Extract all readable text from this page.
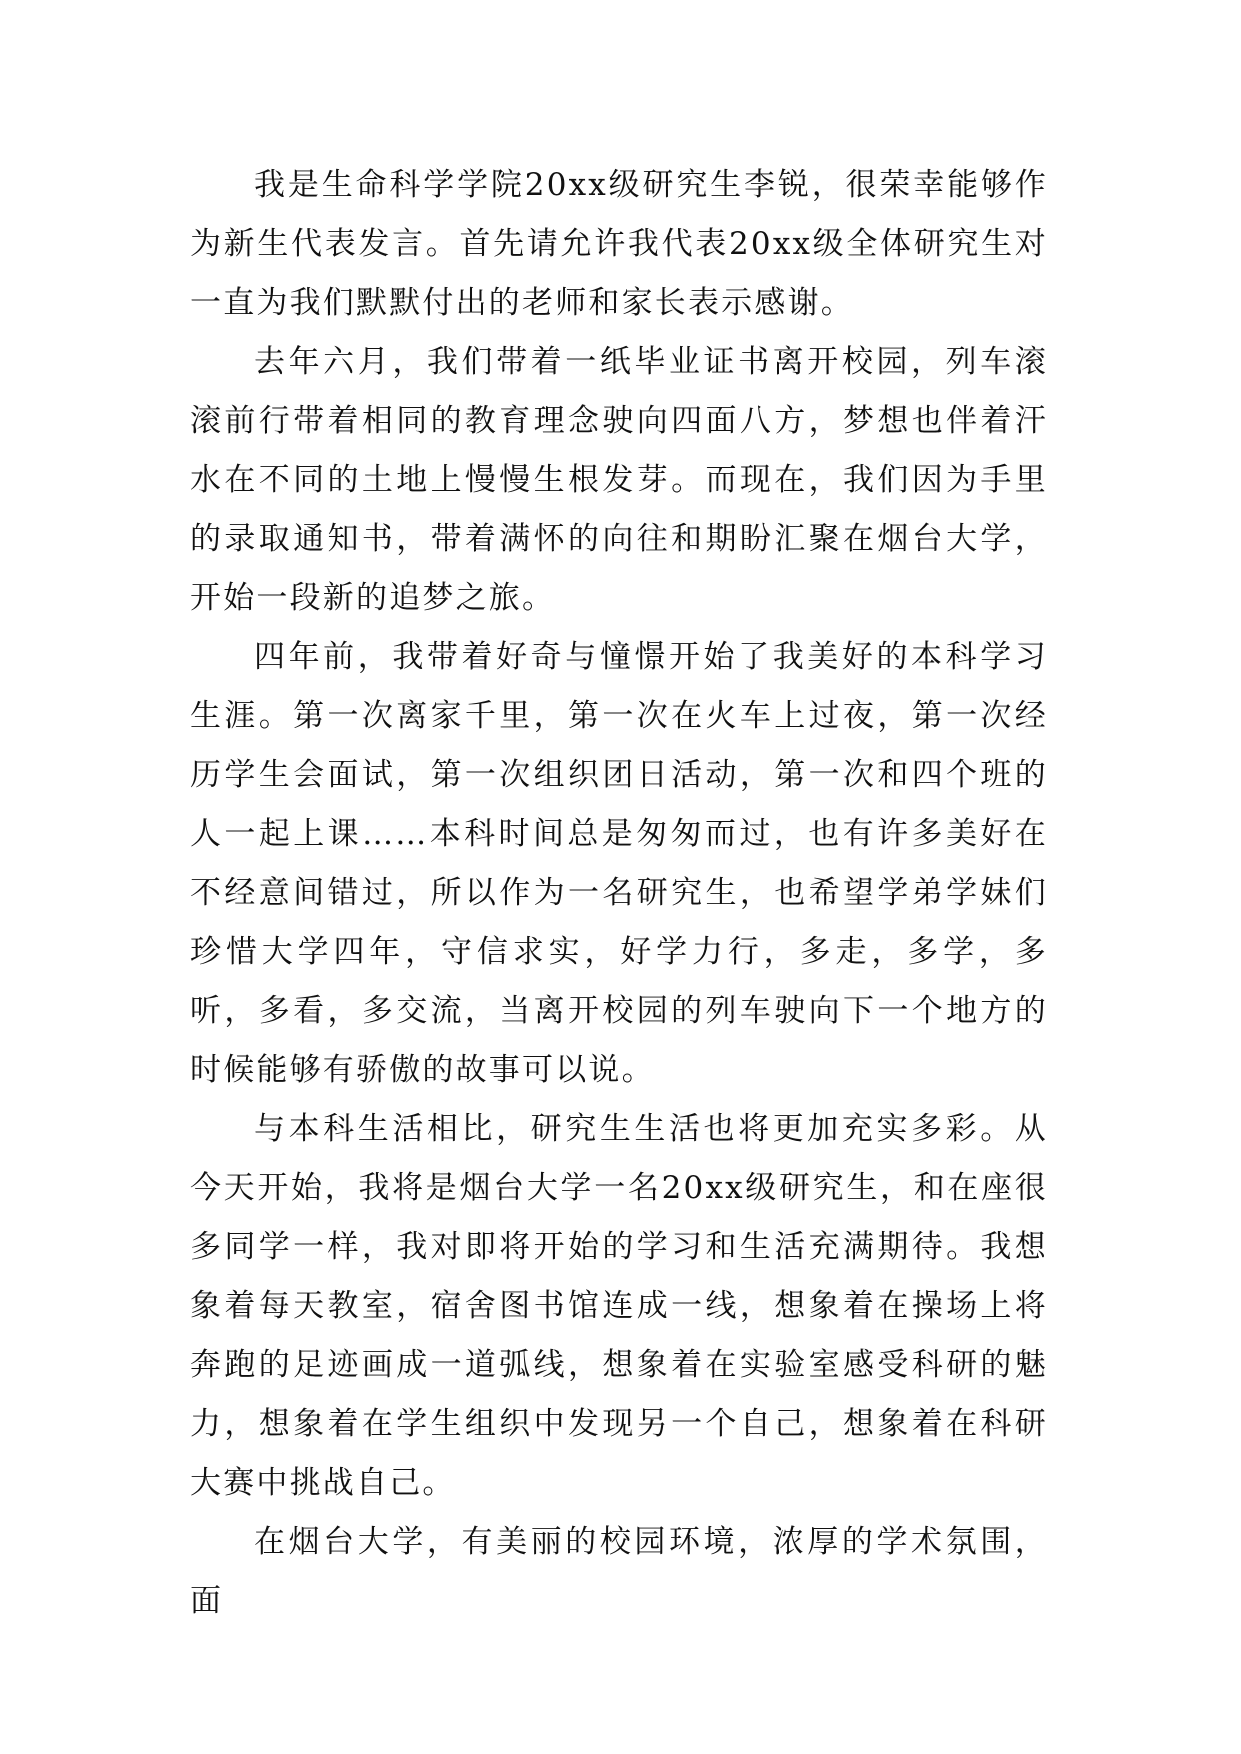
我是生命科学学院20xx级研究生李锐，很荣幸能够作为新生代表发言。首先请允许我代表20xx级全体研究生对一直为我们默默付出的老师和家长表示感谢。

去年六月，我们带着一纸毕业证书离开校园，列车滚滚前行带着相同的教育理念驶向四面八方，梦想也伴着汗水在不同的土地上慢慢生根发芽。而现在，我们因为手里的录取通知书，带着满怀的向往和期盼汇聚在烟台大学，开始一段新的追梦之旅。

四年前，我带着好奇与憧憬开始了我美好的本科学习生涯。第一次离家千里，第一次在火车上过夜，第一次经历学生会面试，第一次组织团日活动，第一次和四个班的人一起上课……本科时间总是匆匆而过，也有许多美好在不经意间错过，所以作为一名研究生，也希望学弟学妹们珍惜大学四年，守信求实，好学力行，多走，多学，多听，多看，多交流，当离开校园的列车驶向下一个地方的时候能够有骄傲的故事可以说。

与本科生活相比，研究生生活也将更加充实多彩。从今天开始，我将是烟台大学一名20xx级研究生，和在座很多同学一样，我对即将开始的学习和生活充满期待。我想象着每天教室，宿舍图书馆连成一线，想象着在操场上将奔跑的足迹画成一道弧线，想象着在实验室感受科研的魅力，想象着在学生组织中发现另一个自己，想象着在科研大赛中挑战自己。

在烟台大学，有美丽的校园环境，浓厚的学术氛围，面
